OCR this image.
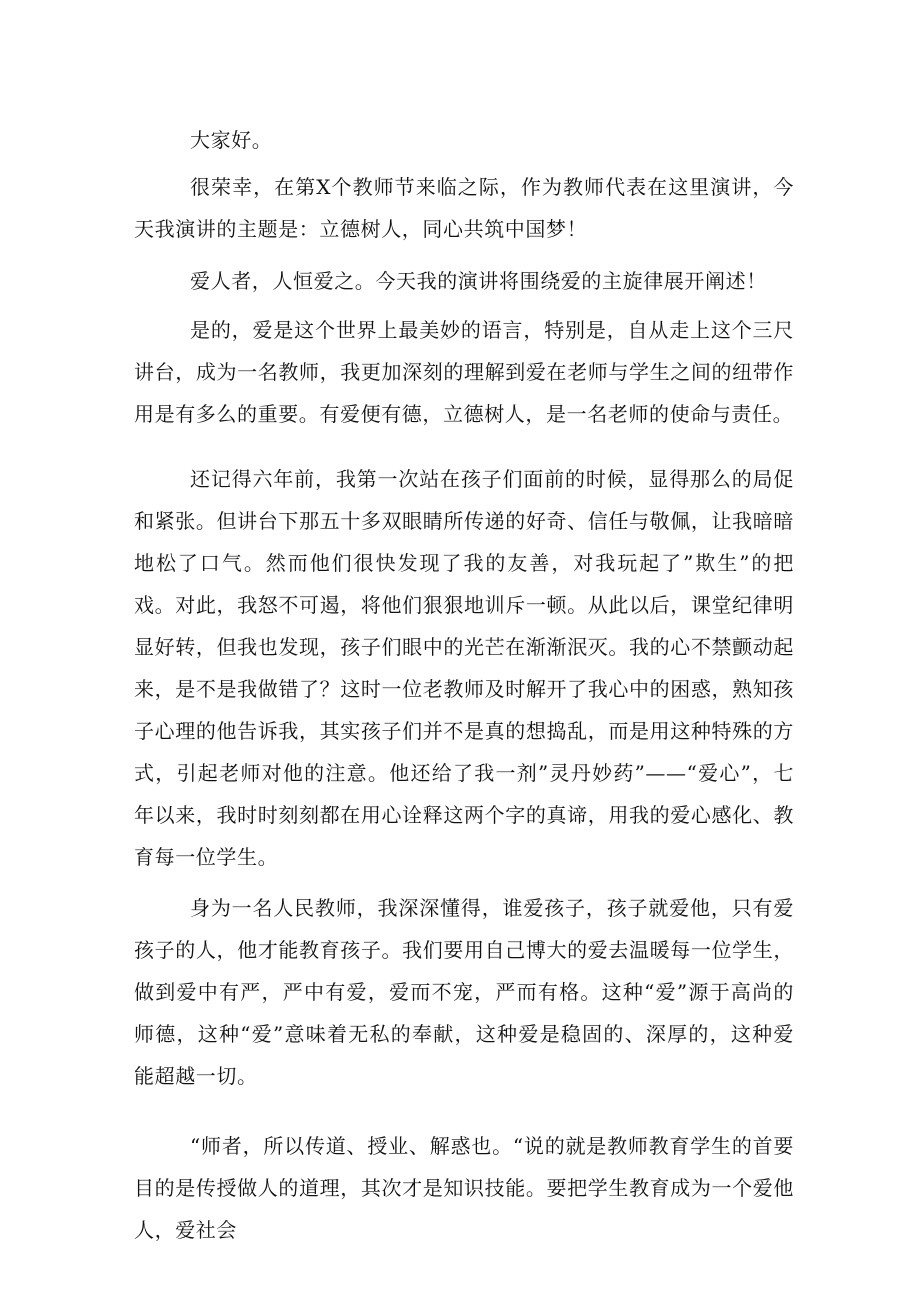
大家好。

很荣幸，在第X个教师节来临之际，作为教师代表在这里演讲，今天我演讲的主题是：立德树人，同心共筑中国梦！

爱人者，人恒爱之。今天我的演讲将围绕爱的主旋律展开阐述！

是的，爱是这个世界上最美妙的语言，特别是，自从走上这个三尺讲台，成为一名教师，我更加深刻的理解到爱在老师与学生之间的纽带作用是有多么的重要。有爱便有德，立德树人，是一名老师的使命与责任。

还记得六年前，我第一次站在孩子们面前的时候，显得那么的局促和紧张。但讲台下那五十多双眼睛所传递的好奇、信任与敬佩，让我暗暗地松了口气。然而他们很快发现了我的友善，对我玩起了”欺生”的把戏。对此，我怒不可遏，将他们狠狠地训斥一顿。从此以后，课堂纪律明显好转，但我也发现，孩子们眼中的光芒在渐渐泯灭。我的心不禁颤动起来，是不是我做错了？这时一位老教师及时解开了我心中的困惑，熟知孩子心理的他告诉我，其实孩子们并不是真的想捣乱，而是用这种特殊的方式，引起老师对他的注意。他还给了我一剂”灵丹妙药”——“爱心”，七年以来，我时时刻刻都在用心诠释这两个字的真谛，用我的爱心感化、教育每一位学生。

身为一名人民教师，我深深懂得，谁爱孩子，孩子就爱他，只有爱孩子的人，他才能教育孩子。我们要用自己博大的爱去温暖每一位学生，做到爱中有严，严中有爱，爱而不宠，严而有格。这种“爱”源于高尚的师德，这种“爱”意味着无私的奉献，这种爱是稳固的、深厚的，这种爱能超越一切。

“师者，所以传道、授业、解惑也。“说的就是教师教育学生的首要目的是传授做人的道理，其次才是知识技能。要把学生教育成为一个爱他人，爱社会
